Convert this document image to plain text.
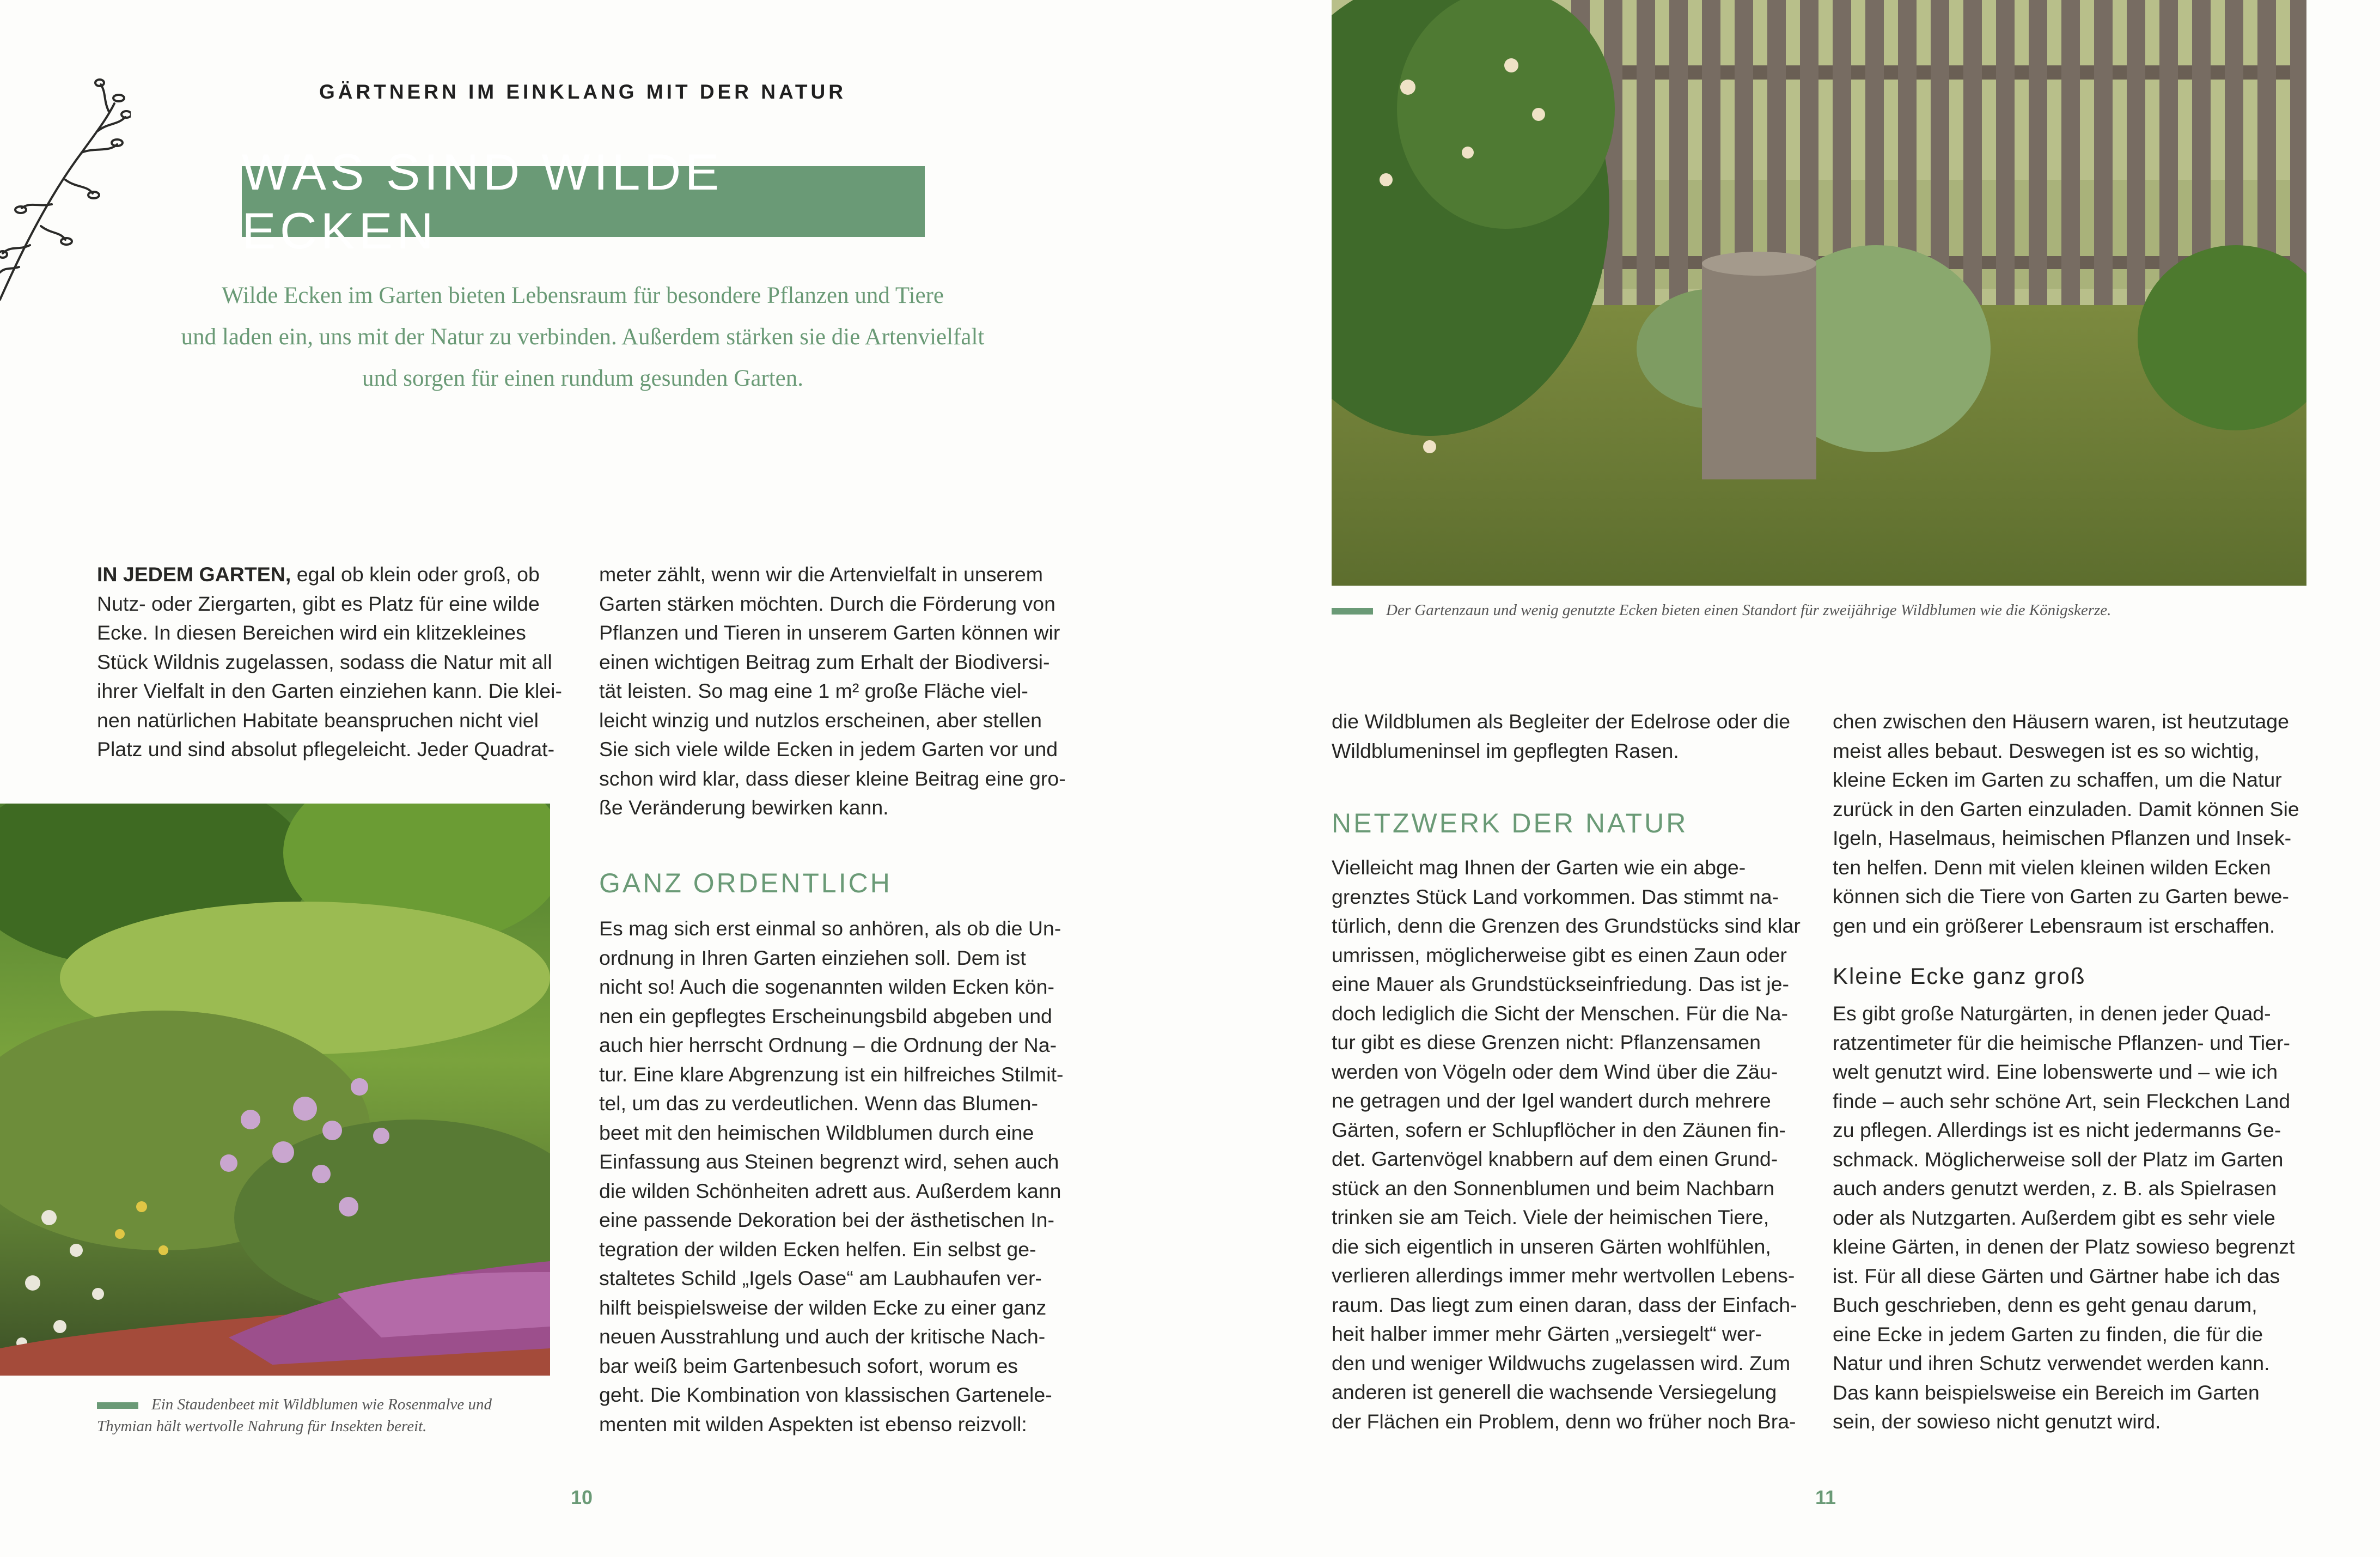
GÄRTNERN IM EINKLANG MIT DER NATUR
WAS SIND WILDE ECKEN
Wilde Ecken im Garten bieten Lebensraum für besondere Pflanzen und Tiere
und laden ein, uns mit der Natur zu verbinden. Außerdem stärken sie die Artenvielfalt
und sorgen für einen rundum gesunden Garten.
IN JEDEM GARTEN, egal ob klein oder groß, ob
Nutz- oder Ziergarten, gibt es Platz für eine wilde
Ecke. In diesen Bereichen wird ein klitzekleines
Stück Wildnis zugelassen, sodass die Natur mit all
ihrer Vielfalt in den Garten einziehen kann. Die klei-
nen natürlichen Habitate beanspruchen nicht viel
Platz und sind absolut pflegeleicht. Jeder Quadrat-
Ein Staudenbeet mit Wildblumen wie Rosenmalve und
Thymian hält wertvolle Nahrung für Insekten bereit.
meter zählt, wenn wir die Artenvielfalt in unserem
Garten stärken möchten. Durch die Förderung von
Pflanzen und Tieren in unserem Garten können wir
einen wichtigen Beitrag zum Erhalt der Biodiversi-
tät leisten. So mag eine 1 m² große Fläche viel-
leicht winzig und nutzlos erscheinen, aber stellen
Sie sich viele wilde Ecken in jedem Garten vor und
schon wird klar, dass dieser kleine Beitrag eine gro-
ße Veränderung bewirken kann.
GANZ ORDENTLICH
Es mag sich erst einmal so anhören, als ob die Un-
ordnung in Ihren Garten einziehen soll. Dem ist
nicht so! Auch die sogenannten wilden Ecken kön-
nen ein gepflegtes Erscheinungsbild abgeben und
auch hier herrscht Ordnung – die Ordnung der Na-
tur. Eine klare Abgrenzung ist ein hilfreiches Stilmit-
tel, um das zu verdeutlichen. Wenn das Blumen-
beet mit den heimischen Wildblumen durch eine
Einfassung aus Steinen begrenzt wird, sehen auch
die wilden Schönheiten adrett aus. Außerdem kann
eine passende Dekoration bei der ästhetischen In-
tegration der wilden Ecken helfen. Ein selbst ge-
staltetes Schild „Igels Oase“ am Laubhaufen ver-
hilft beispielsweise der wilden Ecke zu einer ganz
neuen Ausstrahlung und auch der kritische Nach-
bar weiß beim Gartenbesuch sofort, worum es
geht. Die Kombination von klassischen Gartenele-
menten mit wilden Aspekten ist ebenso reizvoll:
10
Der Gartenzaun und wenig genutzte Ecken bieten einen Standort für zweijährige Wildblumen wie die Königskerze.
die Wildblumen als Begleiter der Edelrose oder die
Wildblumeninsel im gepflegten Rasen.
NETZWERK DER NATUR
Vielleicht mag Ihnen der Garten wie ein abge-
grenztes Stück Land vorkommen. Das stimmt na-
türlich, denn die Grenzen des Grundstücks sind klar
umrissen, möglicherweise gibt es einen Zaun oder
eine Mauer als Grundstückseinfriedung. Das ist je-
doch lediglich die Sicht der Menschen. Für die Na-
tur gibt es diese Grenzen nicht: Pflanzensamen
werden von Vögeln oder dem Wind über die Zäu-
ne getragen und der Igel wandert durch mehrere
Gärten, sofern er Schlupflöcher in den Zäunen fin-
det. Gartenvögel knabbern auf dem einen Grund-
stück an den Sonnenblumen und beim Nachbarn
trinken sie am Teich. Viele der heimischen Tiere,
die sich eigentlich in unseren Gärten wohlfühlen,
verlieren allerdings immer mehr wertvollen Lebens-
raum. Das liegt zum einen daran, dass der Einfach-
heit halber immer mehr Gärten „versiegelt“ wer-
den und weniger Wildwuchs zugelassen wird. Zum
anderen ist generell die wachsende Versiegelung
der Flächen ein Problem, denn wo früher noch Bra-
chen zwischen den Häusern waren, ist heutzutage
meist alles bebaut. Deswegen ist es so wichtig,
kleine Ecken im Garten zu schaffen, um die Natur
zurück in den Garten einzuladen. Damit können Sie
Igeln, Haselmaus, heimischen Pflanzen und Insek-
ten helfen. Denn mit vielen kleinen wilden Ecken
können sich die Tiere von Garten zu Garten bewe-
gen und ein größerer Lebensraum ist erschaffen.
Kleine Ecke ganz groß
Es gibt große Naturgärten, in denen jeder Quad-
ratzentimeter für die heimische Pflanzen- und Tier-
welt genutzt wird. Eine lobenswerte und – wie ich
finde – auch sehr schöne Art, sein Fleckchen Land
zu pflegen. Allerdings ist es nicht jedermanns Ge-
schmack. Möglicherweise soll der Platz im Garten
auch anders genutzt werden, z. B. als Spielrasen
oder als Nutzgarten. Außerdem gibt es sehr viele
kleine Gärten, in denen der Platz sowieso begrenzt
ist. Für all diese Gärten und Gärtner habe ich das
Buch geschrieben, denn es geht genau darum,
eine Ecke in jedem Garten zu finden, die für die
Natur und ihren Schutz verwendet werden kann.
Das kann beispielsweise ein Bereich im Garten
sein, der sowieso nicht genutzt wird.
11
